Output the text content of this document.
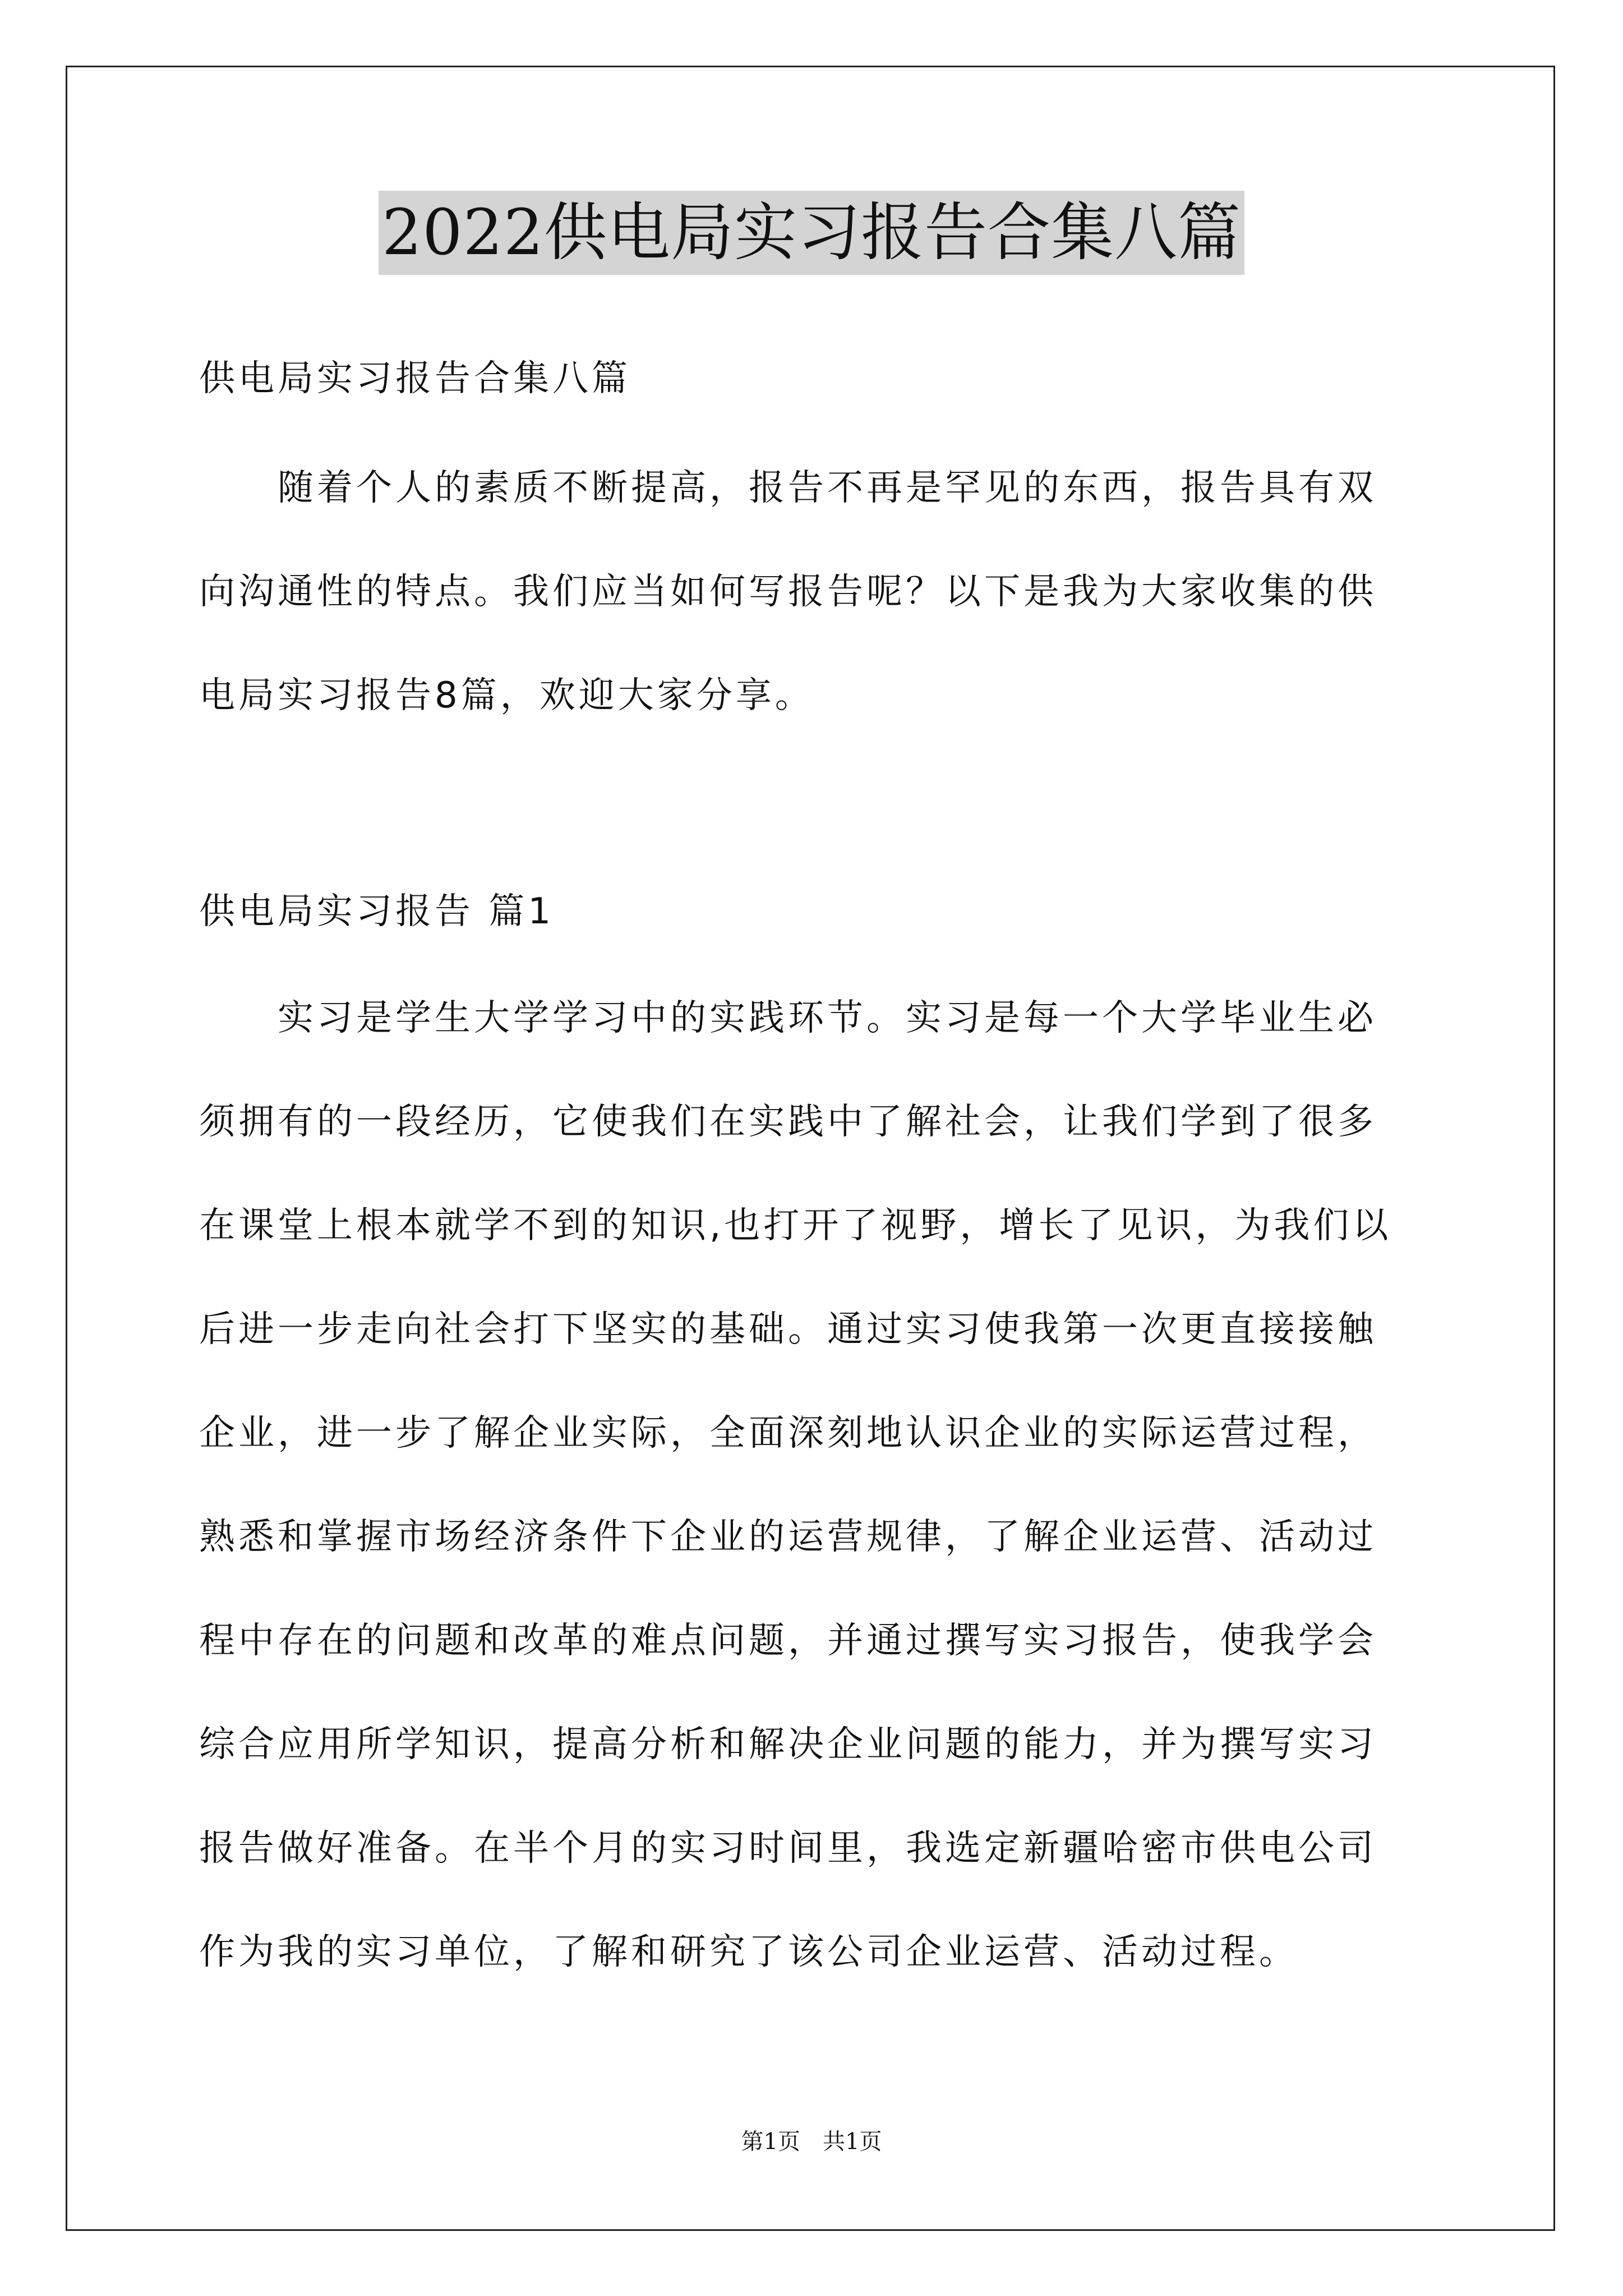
2022供电局实习报告合集八篇
供电局实习报告合集八篇
随着个人的素质不断提高，报告不再是罕见的东西，报告具有双
向沟通性的特点。我们应当如何写报告呢？以下是我为大家收集的供
电局实习报告8篇，欢迎大家分享。
供电局实习报告 篇1
实习是学生大学学习中的实践环节。实习是每一个大学毕业生必
须拥有的一段经历，它使我们在实践中了解社会，让我们学到了很多
在课堂上根本就学不到的知识,也打开了视野，增长了见识，为我们以
后进一步走向社会打下坚实的基础。通过实习使我第一次更直接接触
企业，进一步了解企业实际，全面深刻地认识企业的实际运营过程，
熟悉和掌握市场经济条件下企业的运营规律，了解企业运营、活动过
程中存在的问题和改革的难点问题，并通过撰写实习报告，使我学会
综合应用所学知识，提高分析和解决企业问题的能力，并为撰写实习
报告做好准备。在半个月的实习时间里，我选定新疆哈密市供电公司
作为我的实习单位，了解和研究了该公司企业运营、活动过程。
第1页　共1页
